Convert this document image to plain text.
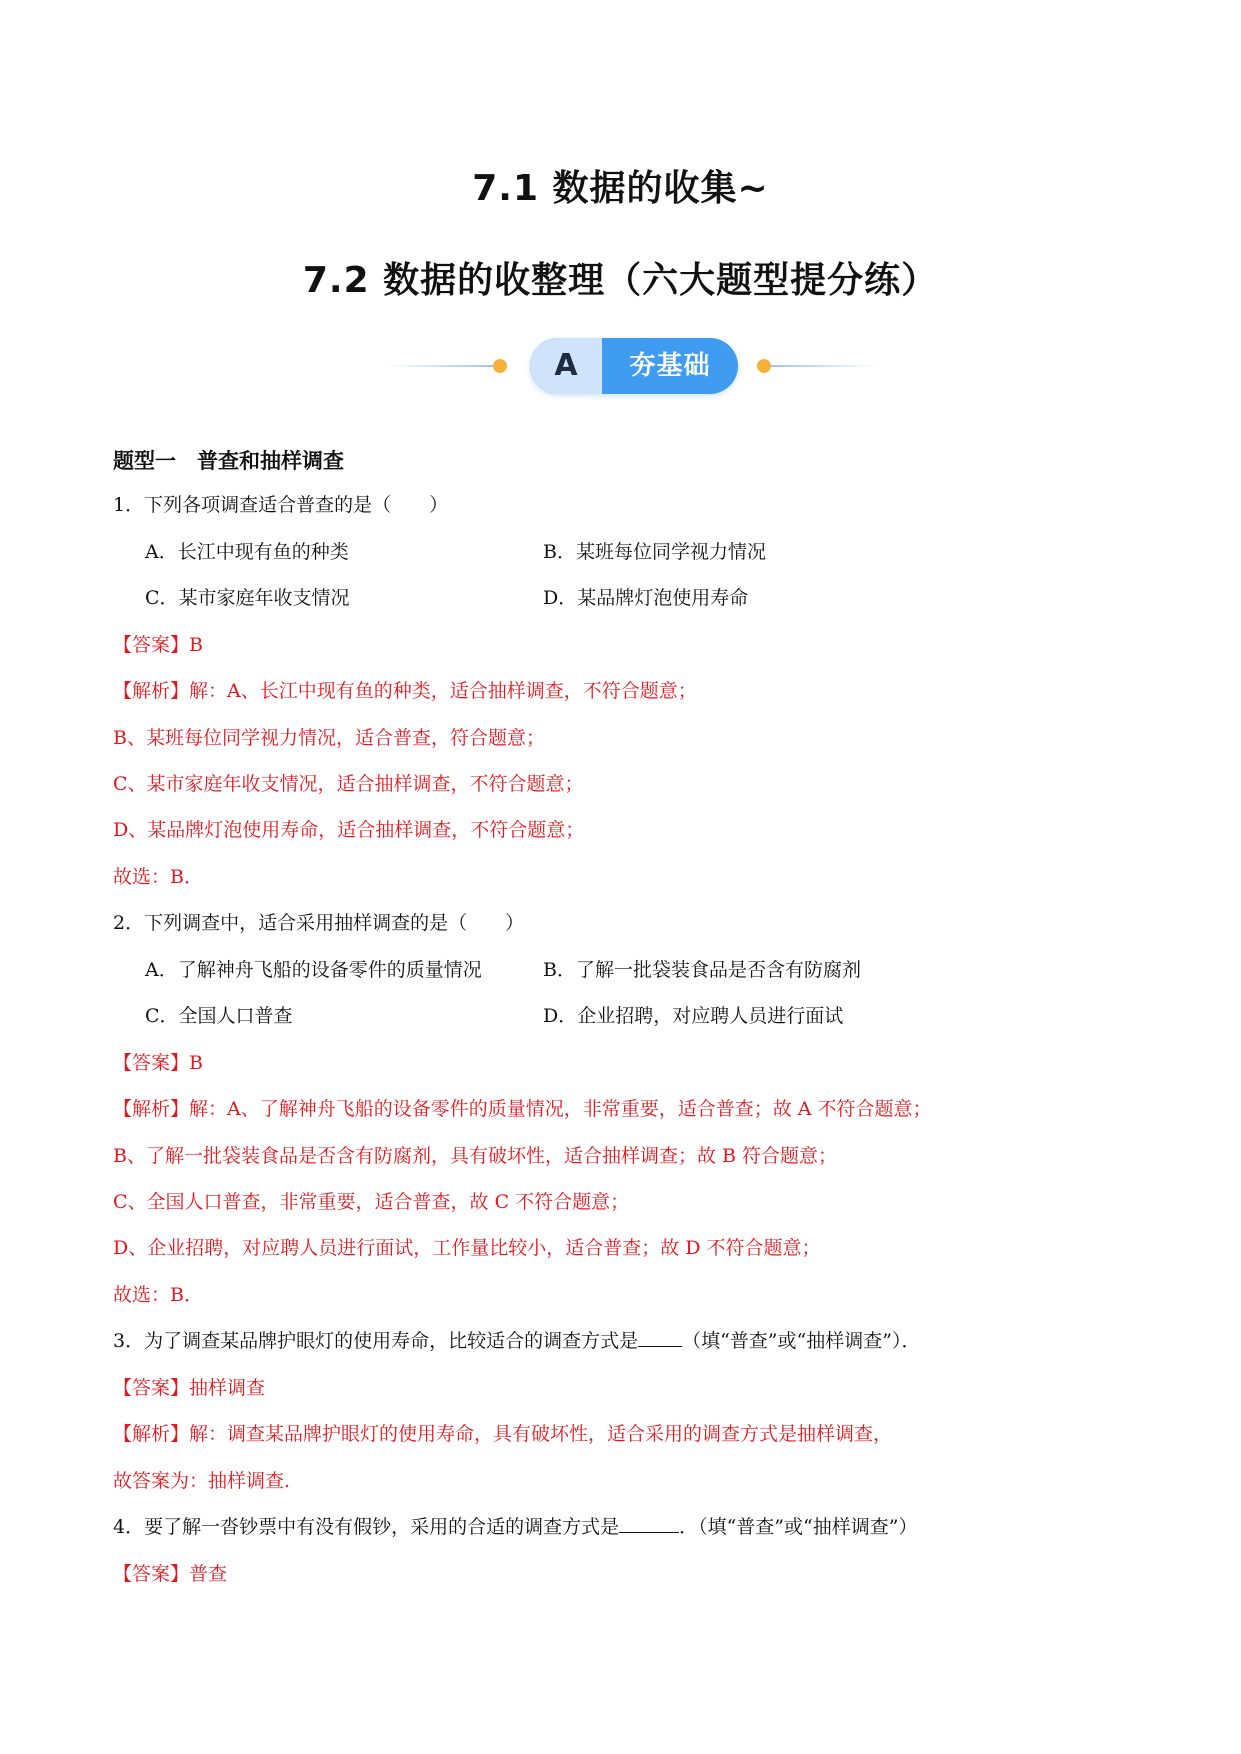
7.1 数据的收集~
7.2 数据的收整理（六大题型提分练）
A	夯基础
题型一　普查和抽样调查
1．下列各项调查适合普查的是（　　）
A．长江中现有鱼的种类	B．某班每位同学视力情况
C．某市家庭年收支情况	D．某品牌灯泡使用寿命
【答案】B
【解析】解：A、长江中现有鱼的种类，适合抽样调查，不符合题意；
B、某班每位同学视力情况，适合普查，符合题意；
C、某市家庭年收支情况，适合抽样调查，不符合题意；
D、某品牌灯泡使用寿命，适合抽样调查，不符合题意；
故选：B．
2．下列调查中，适合采用抽样调查的是（　　）
A．了解神舟飞船的设备零件的质量情况	B．了解一批袋装食品是否含有防腐剂
C．全国人口普查	D．企业招聘，对应聘人员进行面试
【答案】B
【解析】解：A、了解神舟飞船的设备零件的质量情况，非常重要，适合普查；故 A 不符合题意；
B、了解一批袋装食品是否含有防腐剂，具有破坏性，适合抽样调查；故 B 符合题意；
C、全国人口普查，非常重要，适合普查，故 C 不符合题意；
D、企业招聘，对应聘人员进行面试，工作量比较小，适合普查；故 D 不符合题意；
故选：B．
3．为了调查某品牌护眼灯的使用寿命，比较适合的调查方式是 （填“普查”或“抽样调查”）．
【答案】抽样调查
【解析】解：调查某品牌护眼灯的使用寿命，具有破坏性，适合采用的调查方式是抽样调查，
故答案为：抽样调查.
4．要了解一沓钞票中有没有假钞，采用的合适的调查方式是	．（填“普查”或“抽样调查”）
【答案】普查
